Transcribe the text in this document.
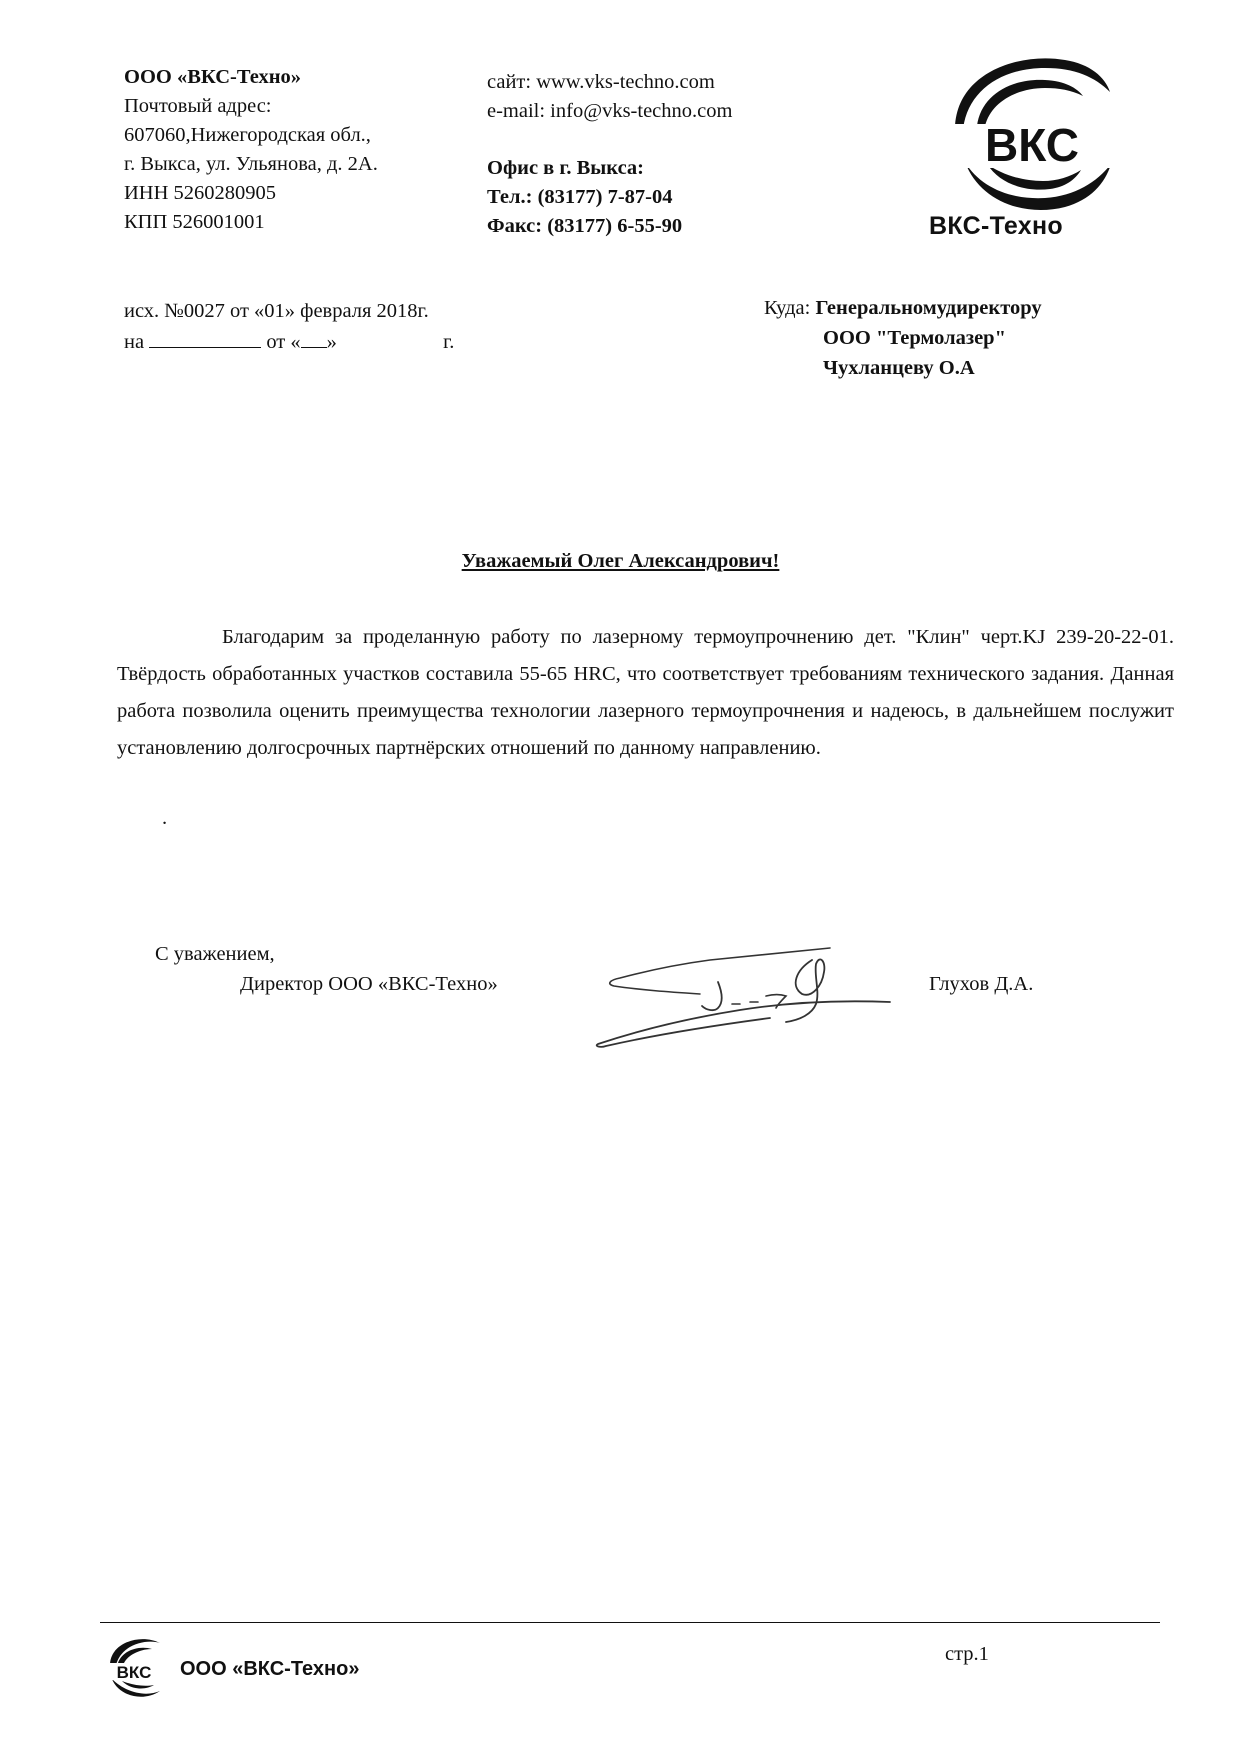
ООО «ВКС-Техно»
Почтовый адрес:
607060,Нижегородская обл.,
г. Выкса, ул. Ульянова, д. 2А.
ИНН 5260280905
КПП 526001001
сайт: www.vks-techno.com
e-mail: info@vks-techno.com
Офис в г. Выкса:
Тел.: (83177) 7-87-04
Факс: (83177) 6-55-90
ВКС
ВКС-Техно
исх. №0027 от «01» февраля 2018г.
на	от « »	г.
Куда: Генеральномудиректору
ООО "Термолазер"
Чухланцеву О.А
Уважаемый Олег Александрович!
Благодарим за проделанную работу по лазерному термоупрочнению дет. "Клин" черт.KJ 239-20-22-01. Твёрдость обработанных участков составила 55-65 HRC, что соответствует требованиям технического задания. Данная работа позволила оценить преимущества технологии лазерного термоупрочнения и надеюсь, в дальнейшем послужит установлению долгосрочных партнёрских отношений по данному направлению.
.
С уважением,
Директор ООО «ВКС-Техно»	Глухов Д.А.
ВКС ООО «ВКС-Техно»
стр.1
